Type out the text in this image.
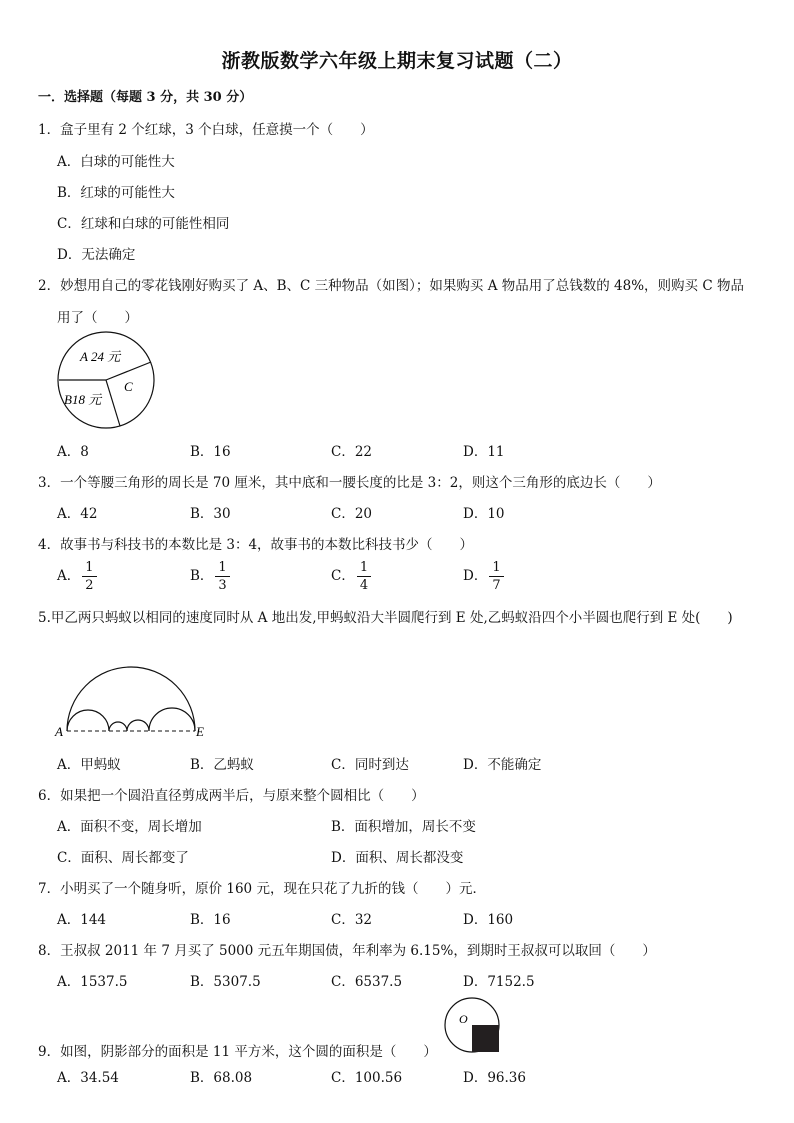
浙教版数学六年级上期末复习试题（二）
一．选择题（每题 3 分，共 30 分）
1．盒子里有 2 个红球，3 个白球，任意摸一个（　　）
A．白球的可能性大
B．红球的可能性大
C．红球和白球的可能性相同
D．无法确定
2．妙想用自己的零花钱刚好购买了 A、B、C 三种物品（如图）；如果购买 A 物品用了总钱数的 48%，则购买 C 物品
用了（　　）
A 24 元
B18 元
C
A．8	B．16	C．22	D．11
3．一个等腰三角形的周长是 70 厘米，其中底和一腰长度的比是 3：2，则这个三角形的底边长（　　）
A．42	B．30	C．20	D．10
4．故事书与科技书的本数比是 3：4，故事书的本数比科技书少（　　）
A． $\frac{1}{2}$	B． $\frac{1}{3}$	C． $\frac{1}{4}$	D． $\frac{1}{7}$
5.甲乙两只蚂蚁以相同的速度同时从 A 地出发,甲蚂蚁沿大半圆爬行到 E 处,乙蚂蚁沿四个小半圆也爬行到 E 处(　　)
A	E
A．甲蚂蚁	B．乙蚂蚁	C．同时到达	D．不能确定
6．如果把一个圆沿直径剪成两半后，与原来整个圆相比（　　）
A．面积不变，周长增加	B．面积增加，周长不变
C．面积、周长都变了	D．面积、周长都没变
7．小明买了一个随身听，原价 160 元，现在只花了九折的钱（　　）元．
A．144	B．16	C．32	D．160
8．王叔叔 2011 年 7 月买了 5000 元五年期国债，年利率为 6.15%，到期时王叔叔可以取回（　　）
A．1537.5	B．5307.5	C．6537.5	D．7152.5
O
9．如图，阴影部分的面积是 11 平方米，这个圆的面积是（　　）
A．34.54	B．68.08	C．100.56	D．96.36
